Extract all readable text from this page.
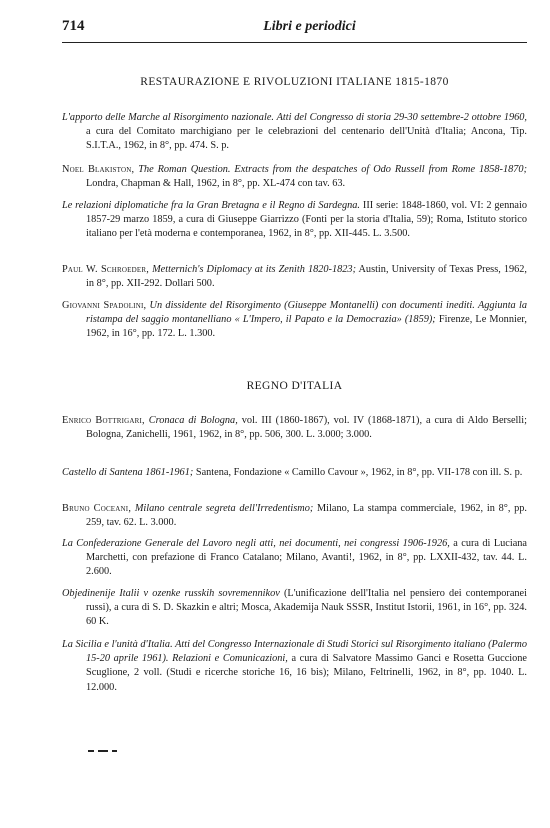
714	Libri e periodici
RESTAURAZIONE E RIVOLUZIONI ITALIANE 1815-1870

L'apporto delle Marche al Risorgimento nazionale. Atti del Congresso di storia 29-30 settembre-2 ottobre 1960, a cura del Comitato marchigiano per le celebrazioni del centenario dell'Unità d'Italia; Ancona, Tip. S.I.T.A., 1962, in 8°, pp. 474. S. p.

Noel Blakiston, The Roman Question. Extracts from the despatches of Odo Russell from Rome 1858-1870; Londra, Chapman & Hall, 1962, in 8°, pp. XL-474 con tav. 63.

Le relazioni diplomatiche fra la Gran Bretagna e il Regno di Sardegna. III serie: 1848-1860, vol. VI: 2 gennaio 1857-29 marzo 1859, a cura di Giuseppe Giarrizzo (Fonti per la storia d'Italia, 59); Roma, Istituto storico italiano per l'età moderna e contemporanea, 1962, in 8°, pp. XII-445. L. 3.500.

Paul W. Schroeder, Metternich's Diplomacy at its Zenith 1820-1823; Austin, University of Texas Press, 1962, in 8°, pp. XII-292. Dollari 500.

Giovanni Spadolini, Un dissidente del Risorgimento (Giuseppe Montanelli) con documenti inediti. Aggiunta la ristampa del saggio montanelliano « L'Impero, il Papato e la Democrazia» (1859); Firenze, Le Monnier, 1962, in 16°, pp. 172. L. 1.300.

REGNO D'ITALIA

Enrico Bottrigari, Cronaca di Bologna, vol. III (1860-1867), vol. IV (1868-1871), a cura di Aldo Berselli; Bologna, Zanichelli, 1961, 1962, in 8°, pp. 506, 300. L. 3.000; 3.000.

Castello di Santena 1861-1961; Santena, Fondazione « Camillo Cavour », 1962, in 8°, pp. VII-178 con ill. S. p.

Bruno Coceani, Milano centrale segreta dell'Irredentismo; Milano, La stampa commerciale, 1962, in 8°, pp. 259, tav. 62. L. 3.000.

La Confederazione Generale del Lavoro negli atti, nei documenti, nei congressi 1906-1926, a cura di Luciana Marchetti, con prefazione di Franco Catalano; Milano, Avanti!, 1962, in 8°, pp. LXXII-432, tav. 44. L. 2.600.

Objedinenije Italii v ozenke russkih sovremennikov (L'unificazione dell'Italia nel pensiero dei contemporanei russi), a cura di S. D. Skazkin e altri; Mosca, Akademija Nauk SSSR, Institut Istorii, 1961, in 16°, pp. 324. 60 K.

La Sicilia e l'unità d'Italia. Atti del Congresso Internazionale di Studi Storici sul Risorgimento italiano (Palermo 15-20 aprile 1961). Relazioni e Comunicazioni, a cura di Salvatore Massimo Ganci e Rosetta Guccione Scuglione, 2 voll. (Studi e ricerche storiche 16, 16 bis); Milano, Feltrinelli, 1962, in 8°, pp. 1040. L. 12.000.
